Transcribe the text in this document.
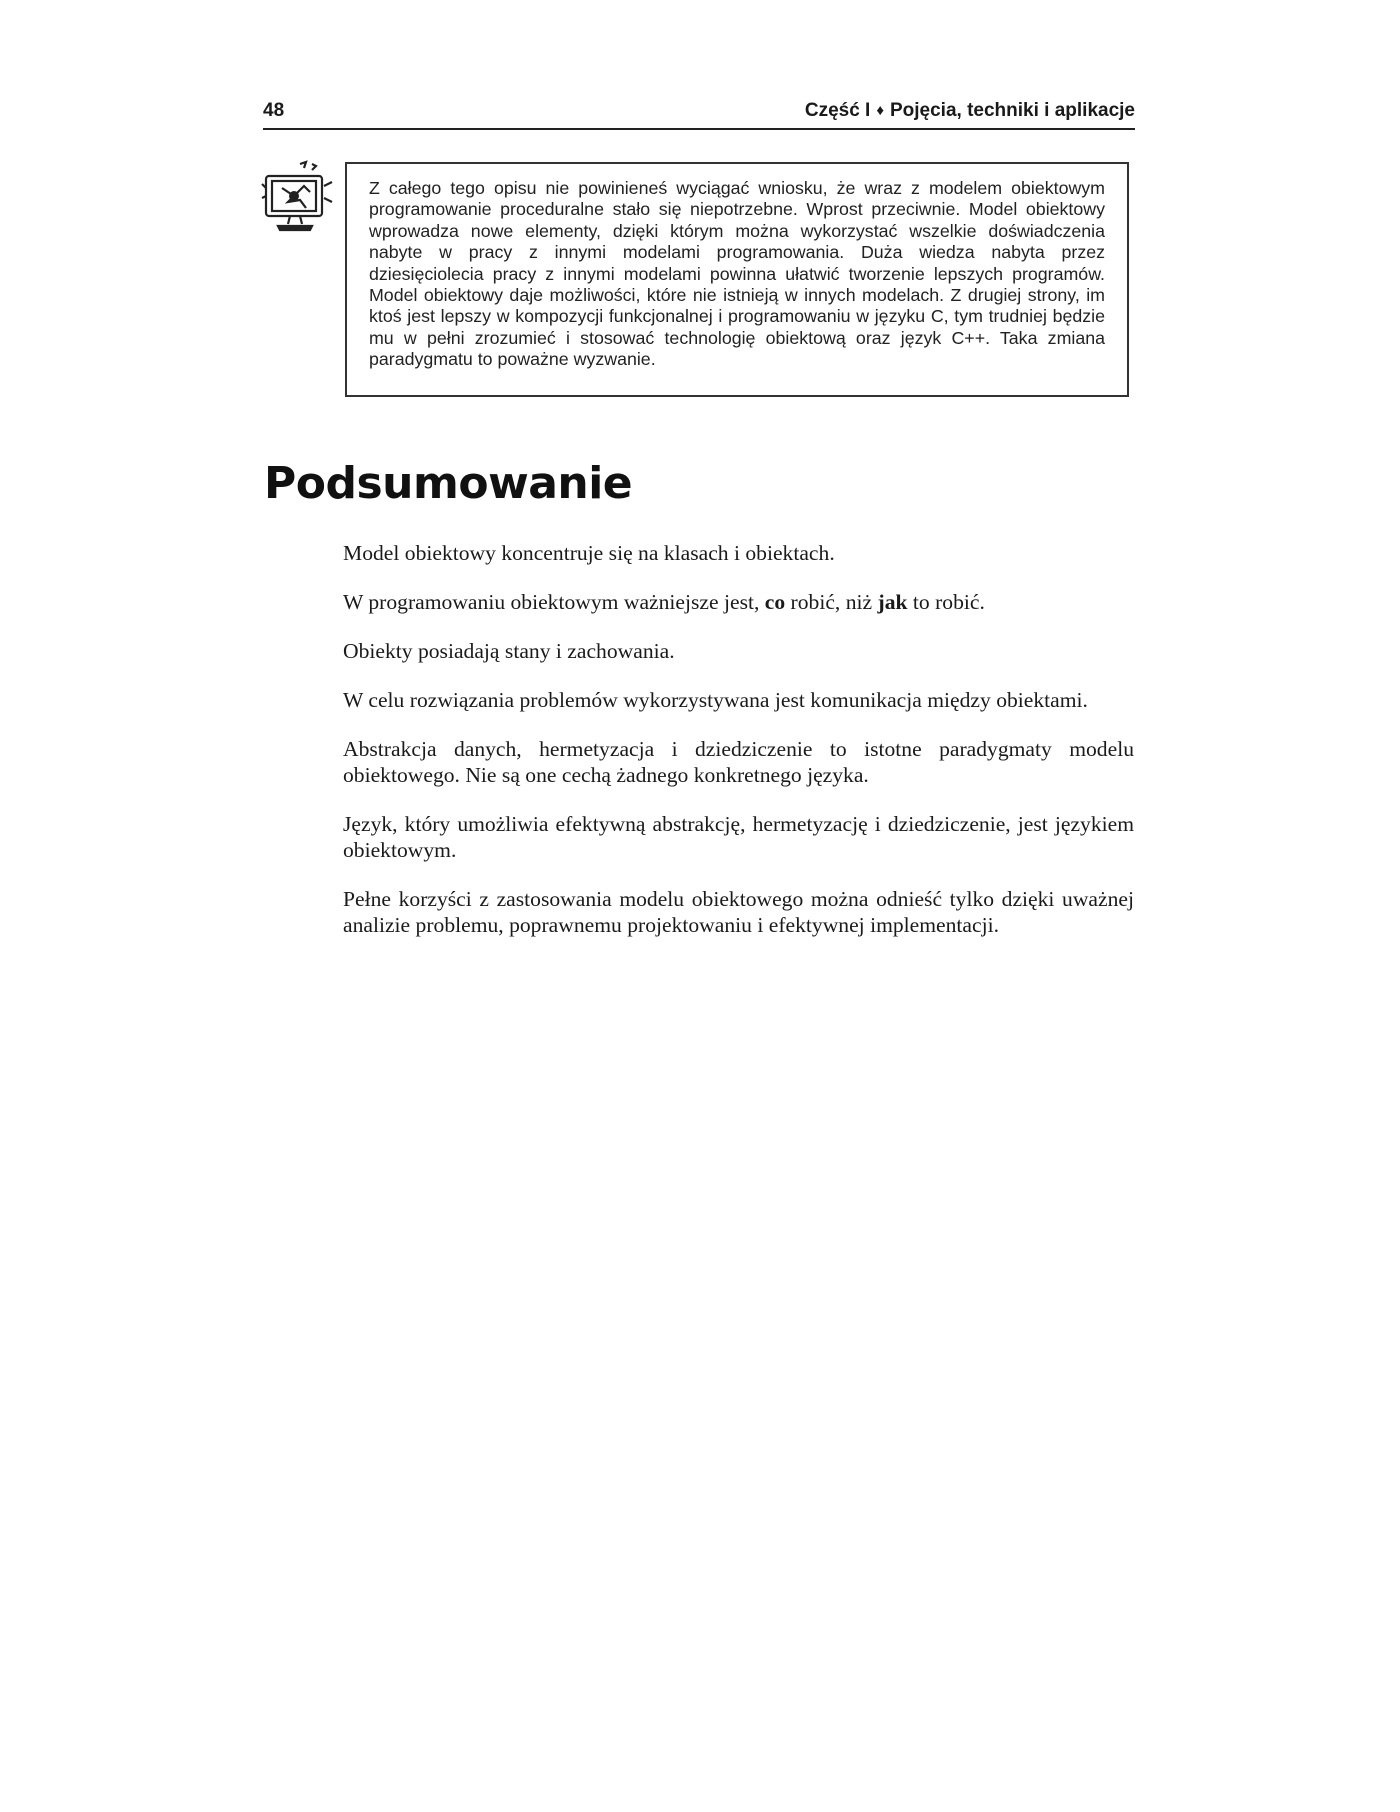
48	Część I ♦ Pojęcia, techniki i aplikacje

Z całego tego opisu nie powinieneś wyciągać wniosku, że wraz z modelem obiektowym programowanie proceduralne stało się niepotrzebne. Wprost przeciwnie. Model obiektowy wprowadza nowe elementy, dzięki którym można wykorzystać wszelkie doświadczenia nabyte w pracy z innymi modelami programowania. Duża wiedza nabyta przez dziesięciolecia pracy z innymi modelami powinna ułatwić tworzenie lepszych programów. Model obiektowy daje możliwości, które nie istnieją w innych modelach. Z drugiej strony, im ktoś jest lepszy w kompozycji funkcjonalnej i programowaniu w języku C, tym trudniej będzie mu w pełni zrozumieć i stosować technologię obiektową oraz język C++. Taka zmiana paradygmatu to poważne wyzwanie.

Podsumowanie

Model obiektowy koncentruje się na klasach i obiektach.

W programowaniu obiektowym ważniejsze jest, co robić, niż jak to robić.

Obiekty posiadają stany i zachowania.

W celu rozwiązania problemów wykorzystywana jest komunikacja między obiektami.

Abstrakcja danych, hermetyzacja i dziedziczenie to istotne paradygmaty modelu obiektowego. Nie są one cechą żadnego konkretnego języka.

Język, który umożliwia efektywną abstrakcję, hermetyzację i dziedziczenie, jest językiem obiektowym.

Pełne korzyści z zastosowania modelu obiektowego można odnieść tylko dzięki uważnej analizie problemu, poprawnemu projektowaniu i efektywnej implementacji.
